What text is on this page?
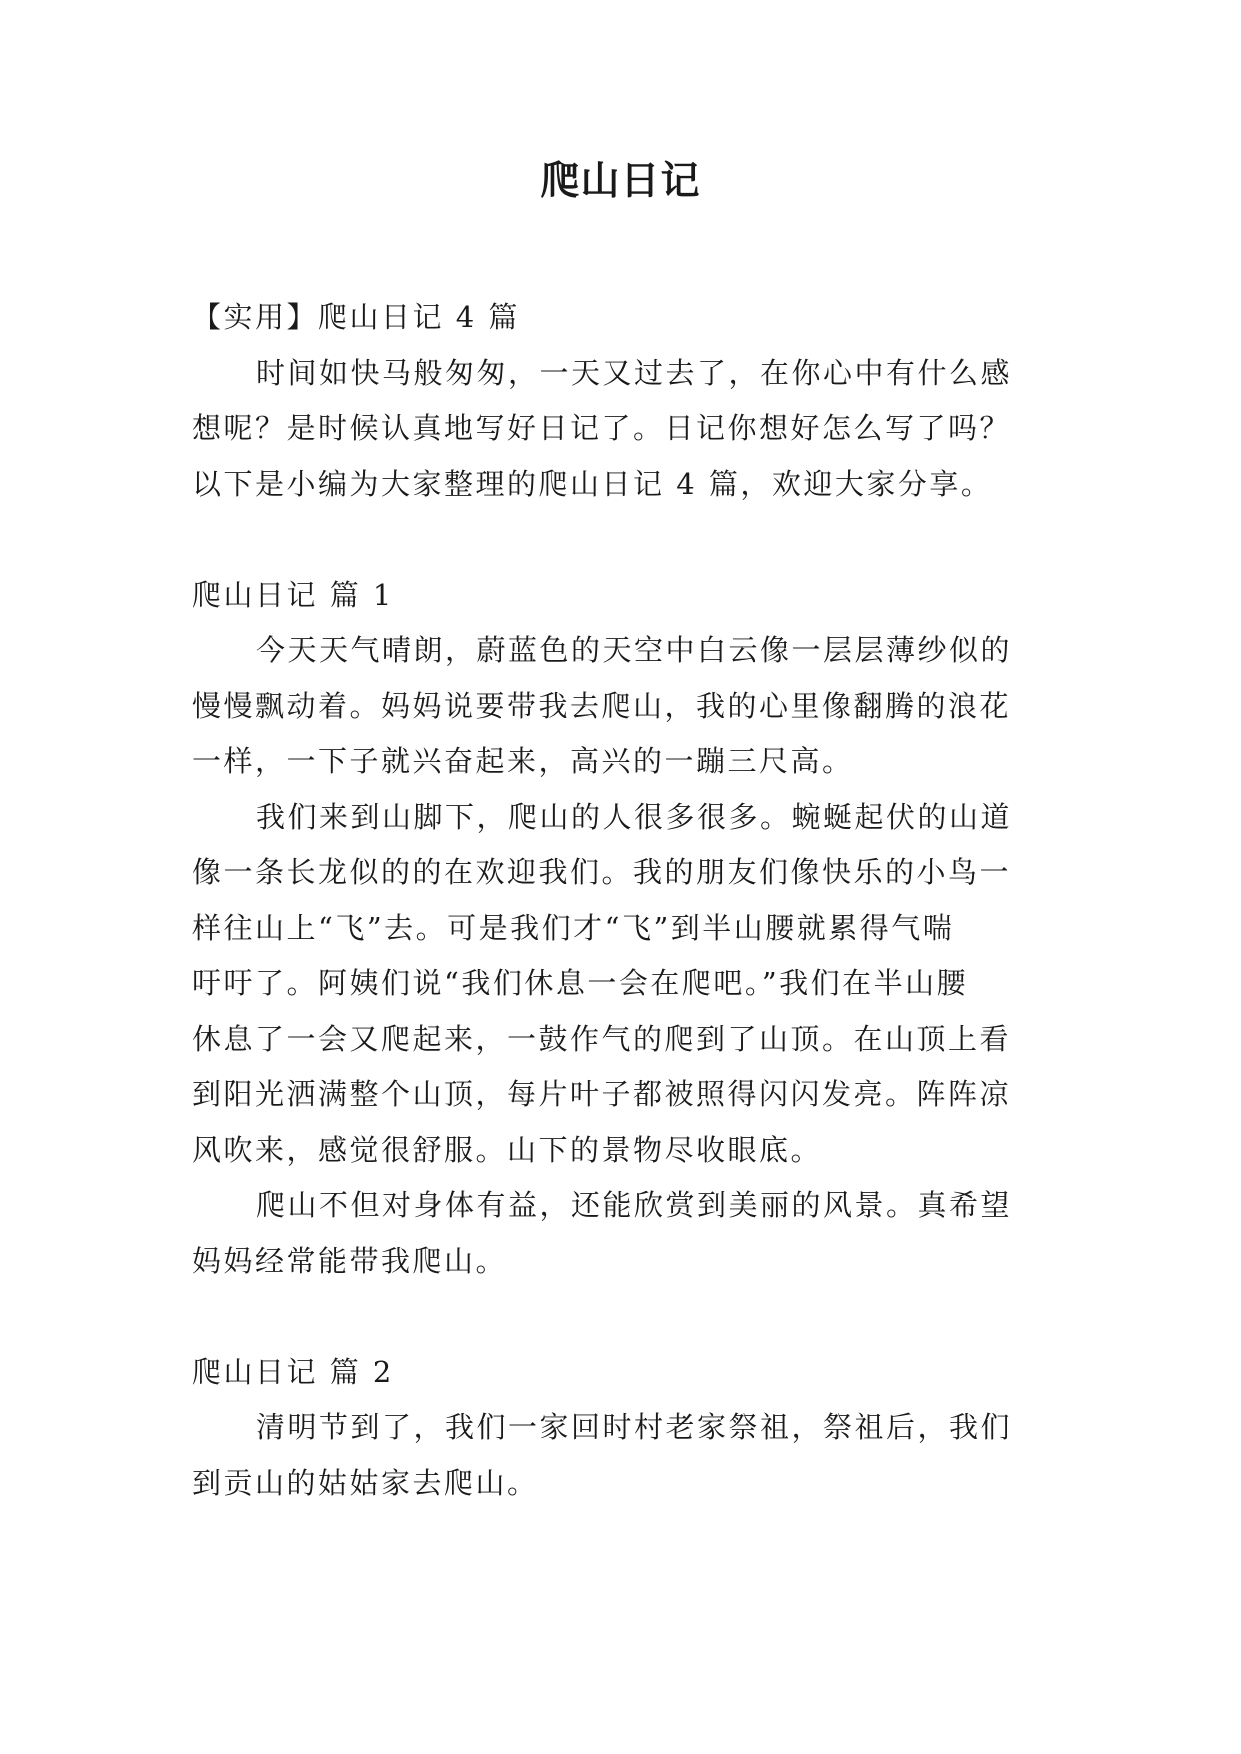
爬山日记
【实用】爬山日记 4 篇
时间如快马般匆匆，一天又过去了，在你心中有什么感
想呢？是时候认真地写好日记了。日记你想好怎么写了吗？
以下是小编为大家整理的爬山日记 4 篇，欢迎大家分享。
爬山日记 篇 1
今天天气晴朗，蔚蓝色的天空中白云像一层层薄纱似的
慢慢飘动着。妈妈说要带我去爬山，我的心里像翻腾的浪花
一样，一下子就兴奋起来，高兴的一蹦三尺高。
我们来到山脚下，爬山的人很多很多。蜿蜒起伏的山道
像一条长龙似的的在欢迎我们。我的朋友们像快乐的小鸟一
样往山上“飞”去。可是我们才“飞”到半山腰就累得气喘
吁吁了。阿姨们说“我们休息一会在爬吧。”我们在半山腰
休息了一会又爬起来，一鼓作气的爬到了山顶。在山顶上看
到阳光洒满整个山顶，每片叶子都被照得闪闪发亮。阵阵凉
风吹来，感觉很舒服。山下的景物尽收眼底。
爬山不但对身体有益，还能欣赏到美丽的风景。真希望
妈妈经常能带我爬山。
爬山日记 篇 2
清明节到了，我们一家回时村老家祭祖，祭祖后，我们
到贡山的姑姑家去爬山。
